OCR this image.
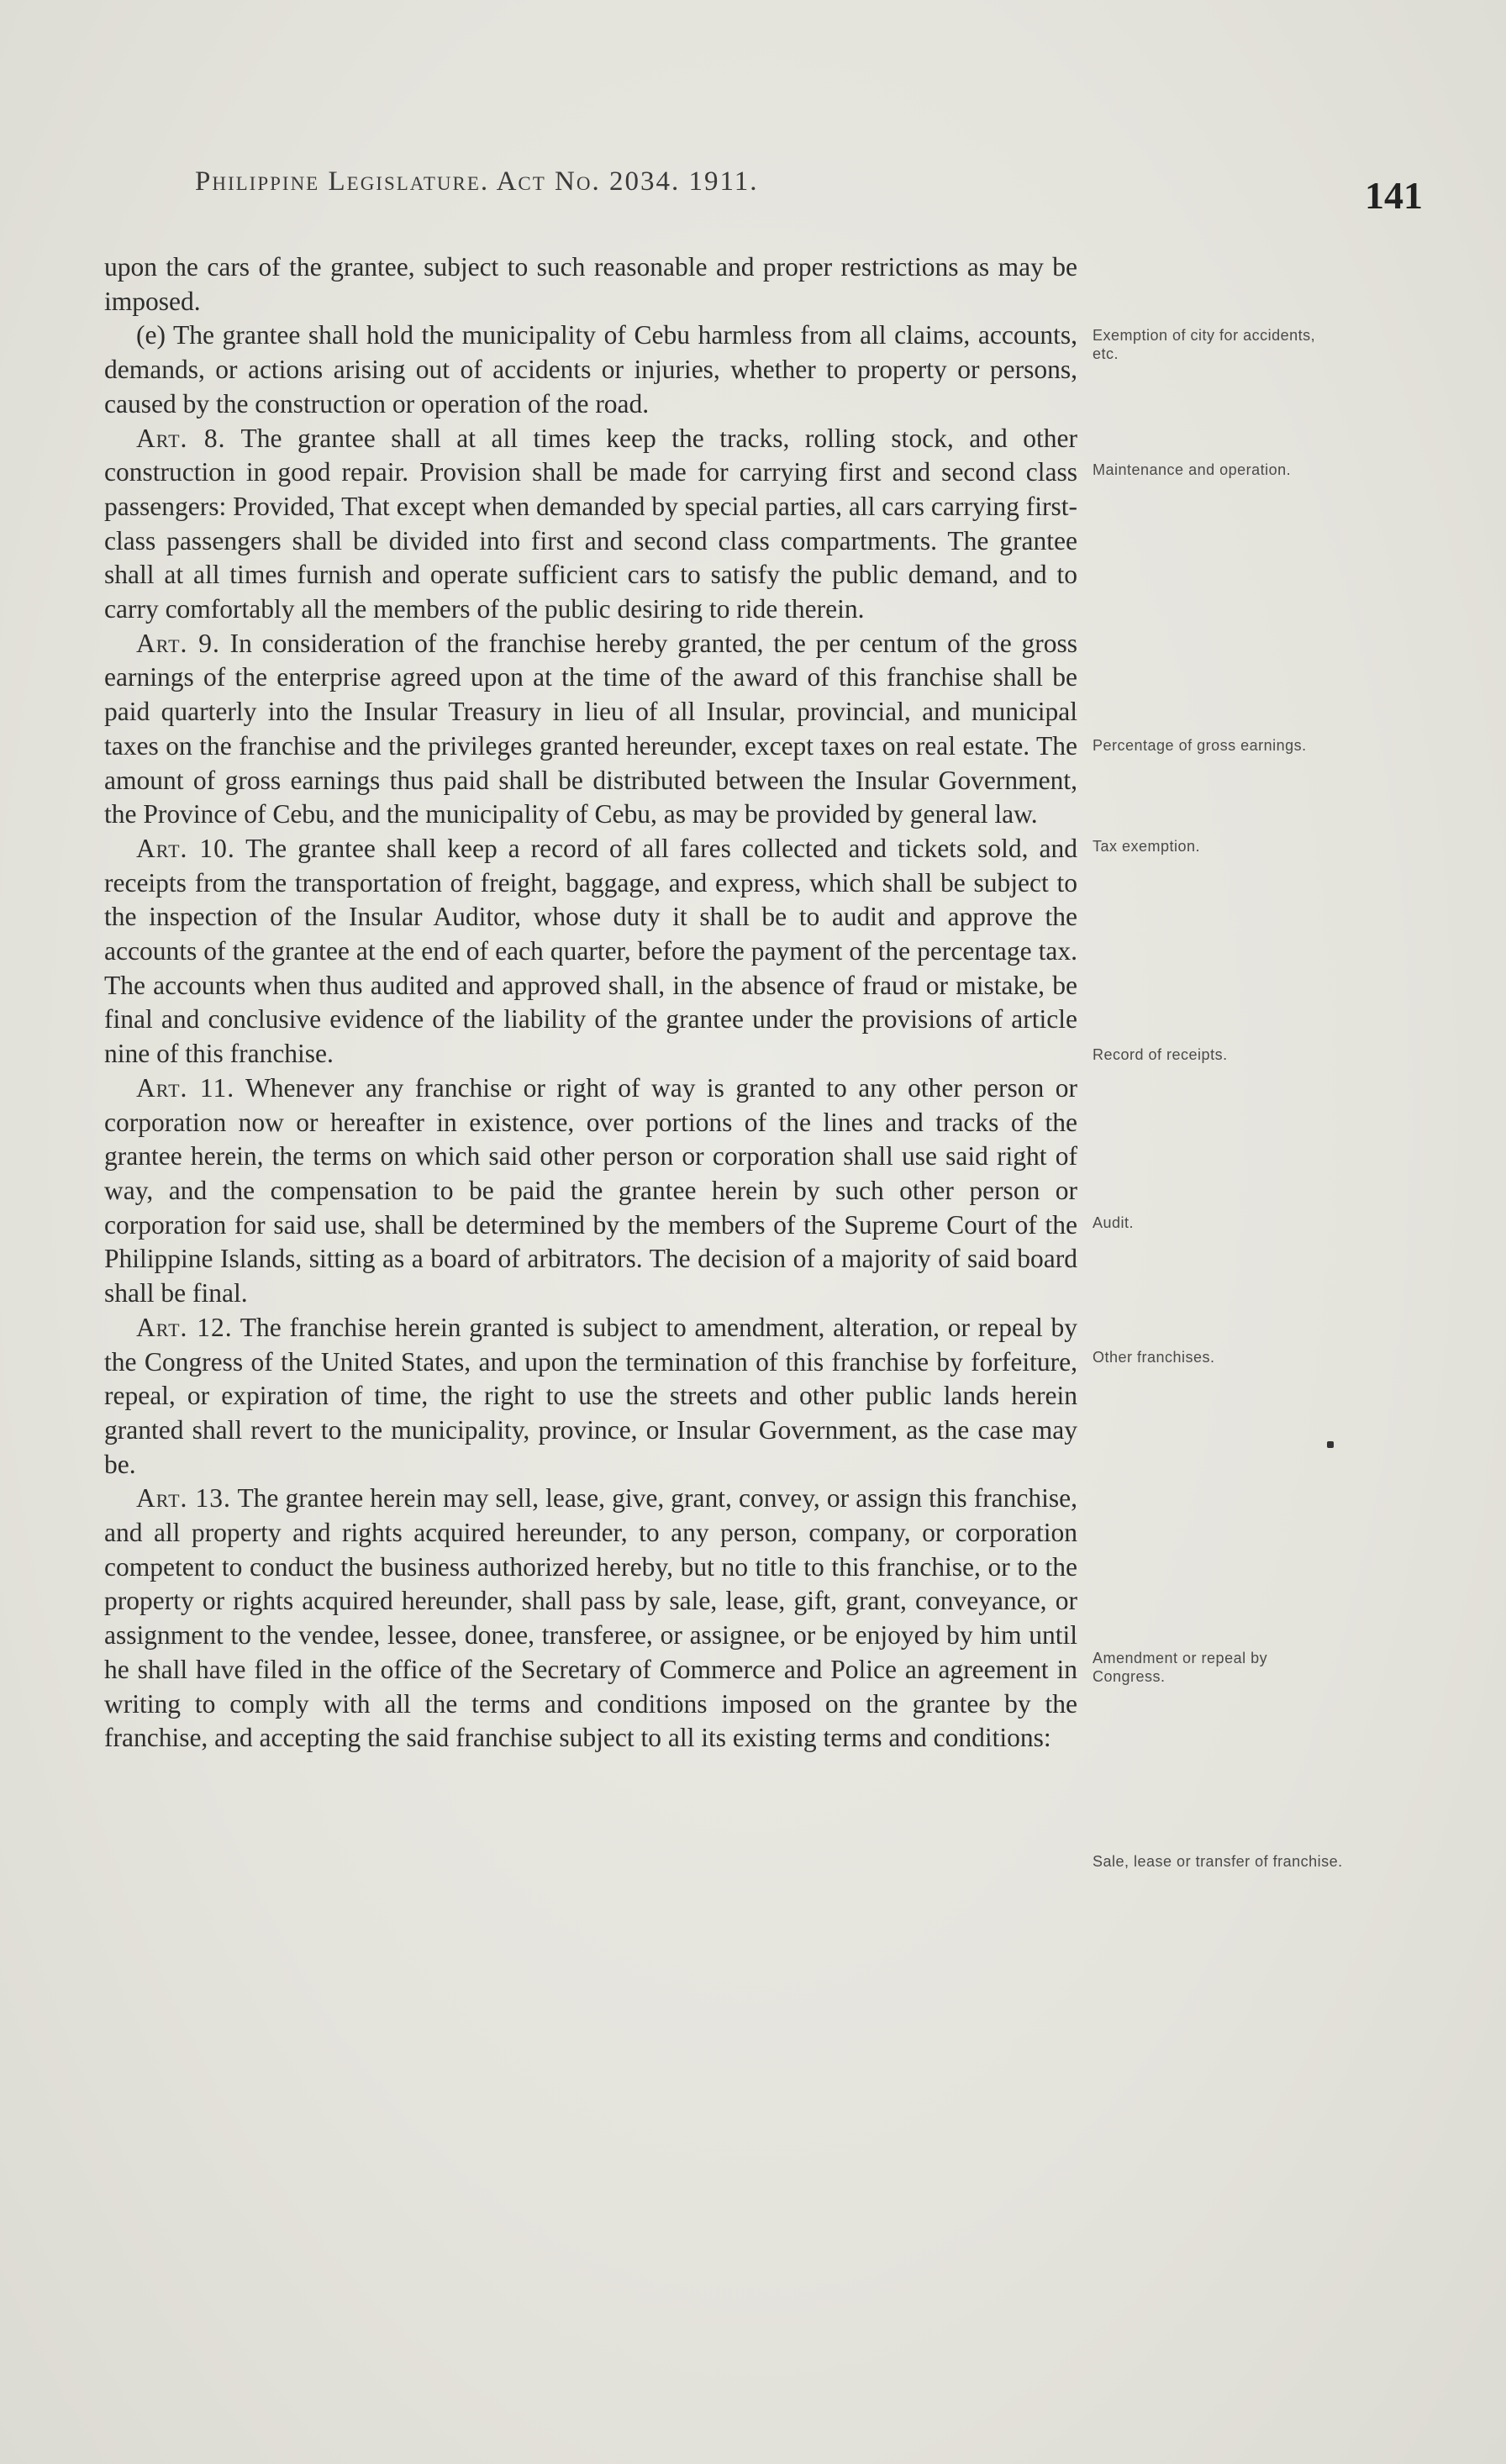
Philippine Legislature. Act No. 2034. 1911.	141

upon the cars of the grantee, subject to such reasonable and proper restrictions as may be imposed.

(e) The grantee shall hold the municipality of Cebu harmless from all claims, accounts, demands, or actions arising out of accidents or injuries, whether to property or persons, caused by the construction or operation of the road.

Art. 8. The grantee shall at all times keep the tracks, rolling stock, and other construction in good repair. Provision shall be made for carrying first and second class passengers: Provided, That except when demanded by special parties, all cars carrying first-class passengers shall be divided into first and second class compartments. The grantee shall at all times furnish and operate sufficient cars to satisfy the public demand, and to carry comfortably all the members of the public desiring to ride therein.

Art. 9. In consideration of the franchise hereby granted, the per centum of the gross earnings of the enterprise agreed upon at the time of the award of this franchise shall be paid quarterly into the Insular Treasury in lieu of all Insular, provincial, and municipal taxes on the franchise and the privileges granted hereunder, except taxes on real estate. The amount of gross earnings thus paid shall be distributed between the Insular Government, the Province of Cebu, and the municipality of Cebu, as may be provided by general law.

Art. 10. The grantee shall keep a record of all fares collected and tickets sold, and receipts from the transportation of freight, baggage, and express, which shall be subject to the inspection of the Insular Auditor, whose duty it shall be to audit and approve the accounts of the grantee at the end of each quarter, before the payment of the percentage tax. The accounts when thus audited and approved shall, in the absence of fraud or mistake, be final and conclusive evidence of the liability of the grantee under the provisions of article nine of this franchise.

Art. 11. Whenever any franchise or right of way is granted to any other person or corporation now or hereafter in existence, over portions of the lines and tracks of the grantee herein, the terms on which said other person or corporation shall use said right of way, and the compensation to be paid the grantee herein by such other person or corporation for said use, shall be determined by the members of the Supreme Court of the Philippine Islands, sitting as a board of arbitrators. The decision of a majority of said board shall be final.

Art. 12. The franchise herein granted is subject to amendment, alteration, or repeal by the Congress of the United States, and upon the termination of this franchise by forfeiture, repeal, or expiration of time, the right to use the streets and other public lands herein granted shall revert to the municipality, province, or Insular Government, as the case may be.

Art. 13. The grantee herein may sell, lease, give, grant, convey, or assign this franchise, and all property and rights acquired hereunder, to any person, company, or corporation competent to conduct the business authorized hereby, but no title to this franchise, or to the property or rights acquired hereunder, shall pass by sale, lease, gift, grant, conveyance, or assignment to the vendee, lessee, donee, transferee, or assignee, or be enjoyed by him until he shall have filed in the office of the Secretary of Commerce and Police an agreement in writing to comply with all the terms and conditions imposed on the grantee by the franchise, and accepting the said franchise subject to all its existing terms and conditions:

Exemption of city for accidents, etc.
Maintenance and operation.
Percentage of gross earnings.
Tax exemption.
Record of receipts.
Audit.
Other franchises.
Amendment or repeal by Congress.
Sale, lease or transfer of franchise.
